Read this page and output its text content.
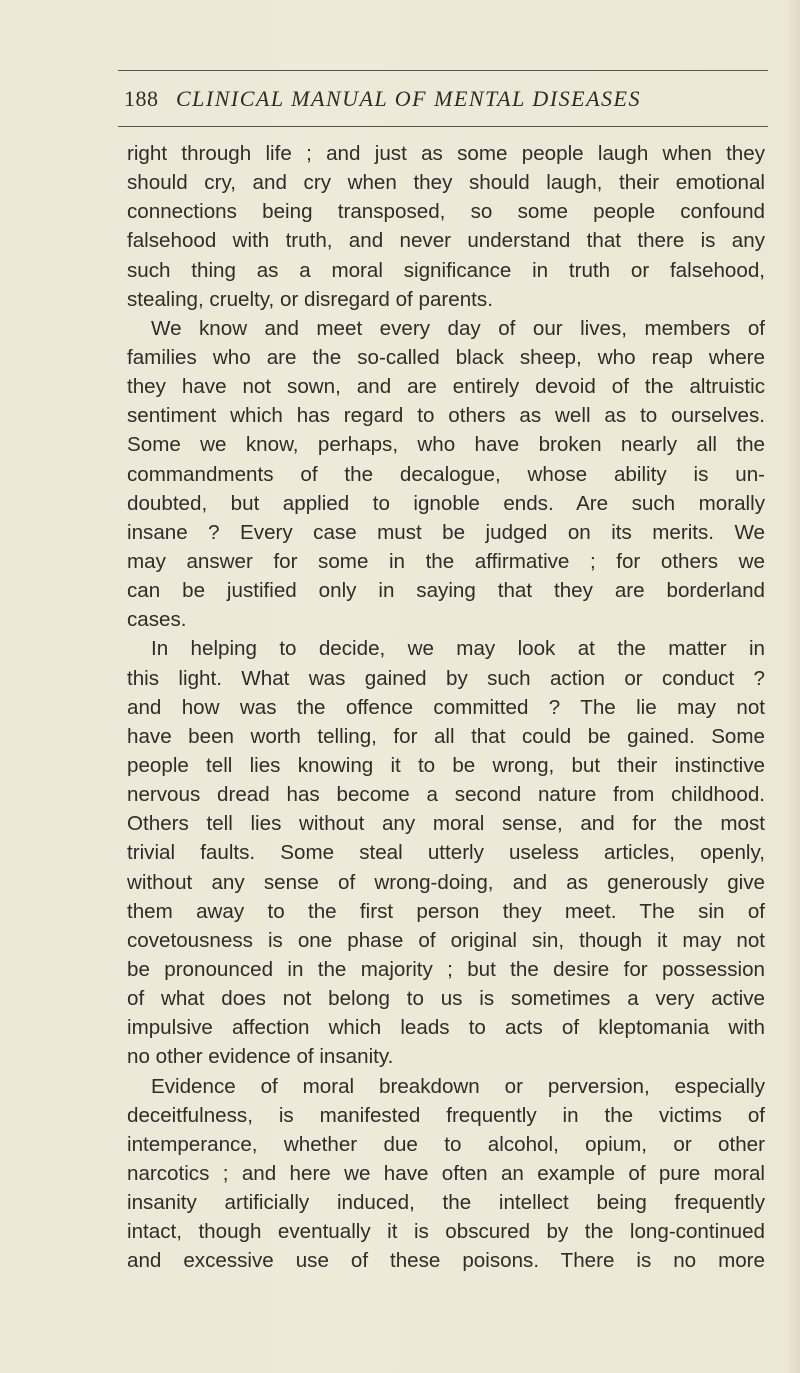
188 CLINICAL MANUAL OF MENTAL DISEASES
right through life ; and just as some people laugh when they
should cry, and cry when they should laugh, their emotional
connections being transposed, so some people confound
falsehood with truth, and never understand that there is any
such thing as a moral significance in truth or falsehood,
stealing, cruelty, or disregard of parents.
We know and meet every day of our lives, members of
families who are the so-called black sheep, who reap where
they have not sown, and are entirely devoid of the altruistic
sentiment which has regard to others as well as to ourselves.
Some we know, perhaps, who have broken nearly all the
commandments of the decalogue, whose ability is un-
doubted, but applied to ignoble ends. Are such morally
insane ? Every case must be judged on its merits. We
may answer for some in the affirmative ; for others we
can be justified only in saying that they are borderland
cases.
In helping to decide, we may look at the matter in
this light. What was gained by such action or conduct ?
and how was the offence committed ? The lie may not
have been worth telling, for all that could be gained. Some
people tell lies knowing it to be wrong, but their instinctive
nervous dread has become a second nature from childhood.
Others tell lies without any moral sense, and for the most
trivial faults. Some steal utterly useless articles, openly,
without any sense of wrong-doing, and as generously give
them away to the first person they meet. The sin of
covetousness is one phase of original sin, though it may not
be pronounced in the majority ; but the desire for possession
of what does not belong to us is sometimes a very active
impulsive affection which leads to acts of kleptomania with
no other evidence of insanity.
Evidence of moral breakdown or perversion, especially
deceitfulness, is manifested frequently in the victims of
intemperance, whether due to alcohol, opium, or other
narcotics ; and here we have often an example of pure moral
insanity artificially induced, the intellect being frequently
intact, though eventually it is obscured by the long-continued
and excessive use of these poisons. There is no more
